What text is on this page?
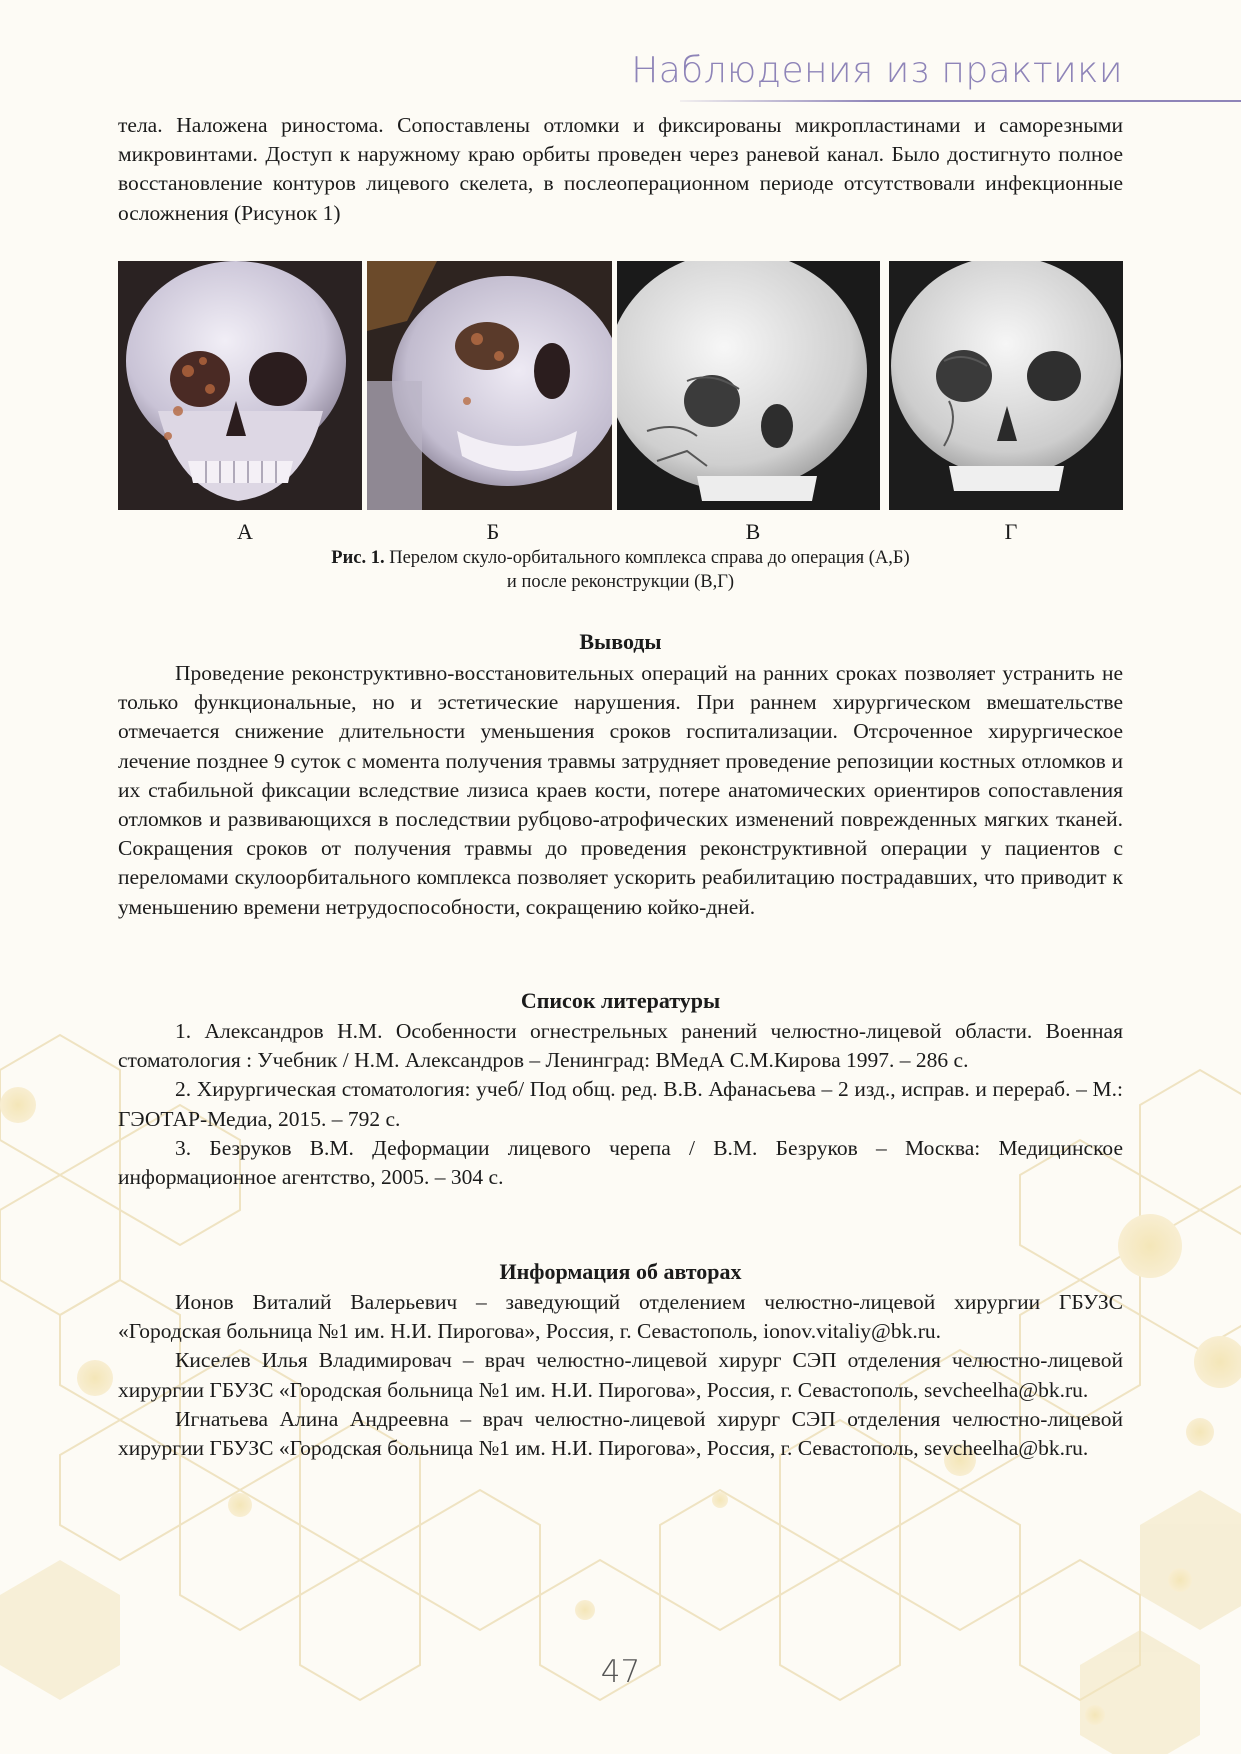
Наблюдения из практики

тела. Наложена риностома. Сопоставлены отломки и фиксированы микропластинами и саморезными микровинтами. Доступ к наружному краю орбиты проведен через раневой канал. Было достигнуто полное восстановление контуров лицевого скелета, в послеоперационном периоде отсутствовали инфекционные осложнения (Рисунок 1)

А	Б	В	Г
Рис. 1. Перелом скуло-орбитального комплекса справа до операция (А,Б)
и после реконструкции (В,Г)
Выводы

Проведение реконструктивно-восстановительных операций на ранних сроках позволяет устранить не только функциональные, но и эстетические нарушения. При раннем хирургическом вмешательстве отмечается снижение длительности уменьшения сроков госпитализации. Отсроченное хирургическое лечение позднее 9 суток с момента получения травмы затрудняет проведение репозиции костных отломков и их стабильной фиксации вследствие лизиса краев кости, потере анатомических ориентиров сопоставления отломков и развивающихся в последствии рубцово-атрофических изменений поврежденных мягких тканей. Сокращения сроков от получения травмы до проведения реконструктивной операции у пациентов с переломами скулоорбитального комплекса позволяет ускорить реабилитацию пострадавших, что приводит к уменьшению времени нетрудоспособности, сокращению койко-дней.

Список литературы

1. Александров Н.М. Особенности огнестрельных ранений челюстно-лицевой области. Военная стоматология : Учебник / Н.М. Александров – Ленинград: ВМедА С.М.Кирова 1997. – 286 с.

2. Хирургическая стоматология: учеб/ Под общ. ред. В.В. Афанасьева – 2 изд., исправ. и перераб. – М.: ГЭОТАР-Медиа, 2015. – 792 с.

3. Безруков В.М. Деформации лицевого черепа / В.М. Безруков – Москва: Медицинское информационное агентство, 2005. – 304 с.

Информация об авторах

Ионов Виталий Валерьевич – заведующий отделением челюстно-лицевой хирургии ГБУЗС «Городская больница №1 им. Н.И. Пирогова», Россия, г. Севастополь, ionov.vitaliy@bk.ru.

Киселев Илья Владимировач – врач челюстно-лицевой хирург СЭП отделения челюстно-лицевой хирургии ГБУЗС «Городская больница №1 им. Н.И. Пирогова», Россия, г. Севастополь, sevcheelha@bk.ru.

Игнатьева Алина Андреевна – врач челюстно-лицевой хирург СЭП отделения челюстно-лицевой хирургии ГБУЗС «Городская больница №1 им. Н.И. Пирогова», Россия, г. Севастополь, sevcheelha@bk.ru.

47
